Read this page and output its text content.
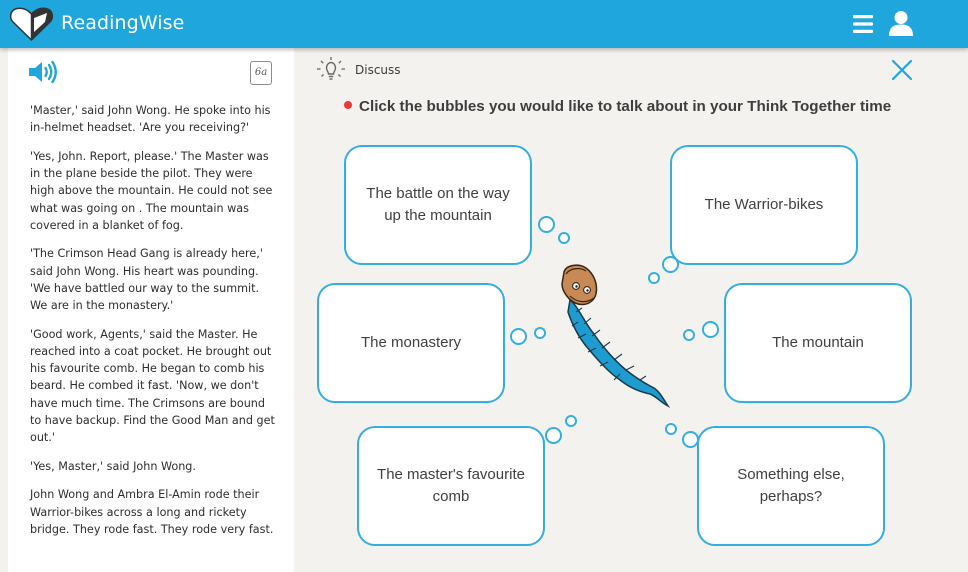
ReadingWise
6a

'Master,' said John Wong. He spoke into his in-helmet headset. 'Are you receiving?'

'Yes, John. Report, please.' The Master was in the plane beside the pilot. They were high above the mountain. He could not see what was going on . The mountain was covered in a blanket of fog.

'The Crimson Head Gang is already here,' said John Wong. His heart was pounding. 'We have battled our way to the summit. We are in the monastery.'

'Good work, Agents,' said the Master. He reached into a coat pocket. He brought out his favourite comb. He began to comb his beard. He combed it fast. 'Now, we don't have much time. The Crimsons are bound to have backup. Find the Good Man and get out.'

'Yes, Master,' said John Wong.

John Wong and Ambra El-Amin rode their Warrior-bikes across a long and rickety bridge. They rode fast. They rode very fast.

Discuss
Click the bubbles you would like to talk about in your Think Together time
The battle on the way up the mountain
The Warrior-bikes
The monastery	The mountain
The master's favourite comb
Something else, perhaps?
